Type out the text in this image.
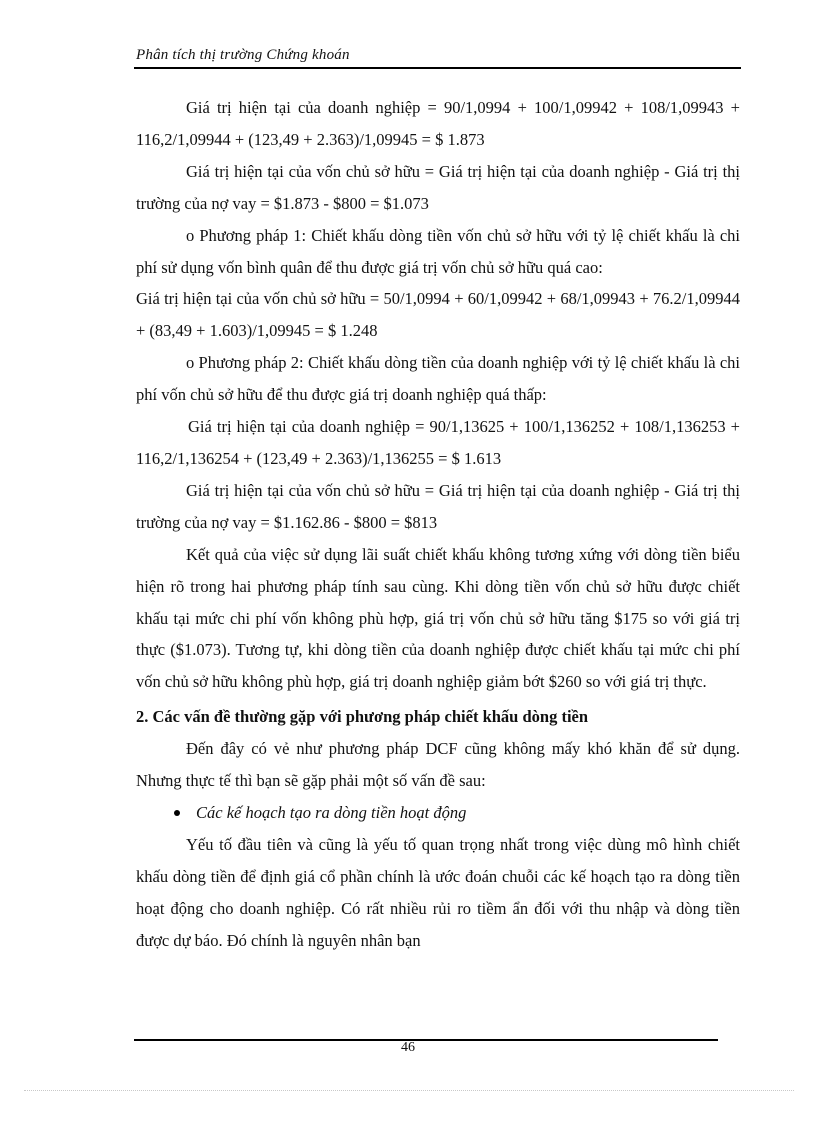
Phân tích thị trường Chứng khoán

Giá trị hiện tại của doanh nghiệp = 90/1,0994 + 100/1,09942 + 108/1,09943 + 116,2/1,09944 + (123,49 + 2.363)/1,09945 = $ 1.873

Giá trị hiện tại của vốn chủ sở hữu = Giá trị hiện tại của doanh nghiệp - Giá trị thị trường của nợ vay = $1.873 - $800 = $1.073

o Phương pháp 1: Chiết khấu dòng tiền vốn chủ sở hữu với tỷ lệ chiết khấu là chi phí sử dụng vốn bình quân để thu được giá trị vốn chủ sở hữu quá cao:

Giá trị hiện tại của vốn chủ sở hữu = 50/1,0994 + 60/1,09942 + 68/1,09943 + 76.2/1,09944 + (83,49 + 1.603)/1,09945 = $ 1.248

o Phương pháp 2: Chiết khấu dòng tiền của doanh nghiệp với tỷ lệ chiết khấu là chi phí vốn chủ sở hữu để thu được giá trị doanh nghiệp quá thấp:

Giá trị hiện tại của doanh nghiệp = 90/1,13625 + 100/1,136252 + 108/1,136253 + 116,2/1,136254 + (123,49 + 2.363)/1,136255 = $ 1.613

Giá trị hiện tại của vốn chủ sở hữu = Giá trị hiện tại của doanh nghiệp - Giá trị thị trường của nợ vay = $1.162.86 - $800 = $813

Kết quả của việc sử dụng lãi suất chiết khấu không tương xứng với dòng tiền biểu hiện rõ trong hai phương pháp tính sau cùng. Khi dòng tiền vốn chủ sở hữu được chiết khấu tại mức chi phí vốn không phù hợp, giá trị vốn chủ sở hữu tăng $175 so với giá trị thực ($1.073). Tương tự, khi dòng tiền của doanh nghiệp được chiết khấu tại mức chi phí vốn chủ sở hữu không phù hợp, giá trị doanh nghiệp giảm bớt $260 so với giá trị thực.

2. Các vấn đề thường gặp với phương pháp chiết khấu dòng tiền

Đến đây có vẻ như phương pháp DCF cũng không mấy khó khăn để sử dụng. Nhưng thực tế thì bạn sẽ gặp phải một số vấn đề sau:

Các kế hoạch tạo ra dòng tiền hoạt động

Yếu tố đầu tiên và cũng là yếu tố quan trọng nhất trong việc dùng mô hình chiết khấu dòng tiền để định giá cổ phần chính là ước đoán chuỗi các kế hoạch tạo ra dòng tiền hoạt động cho doanh nghiệp. Có rất nhiều rủi ro tiềm ẩn đối với thu nhập và dòng tiền được dự báo. Đó chính là nguyên nhân bạn

46
